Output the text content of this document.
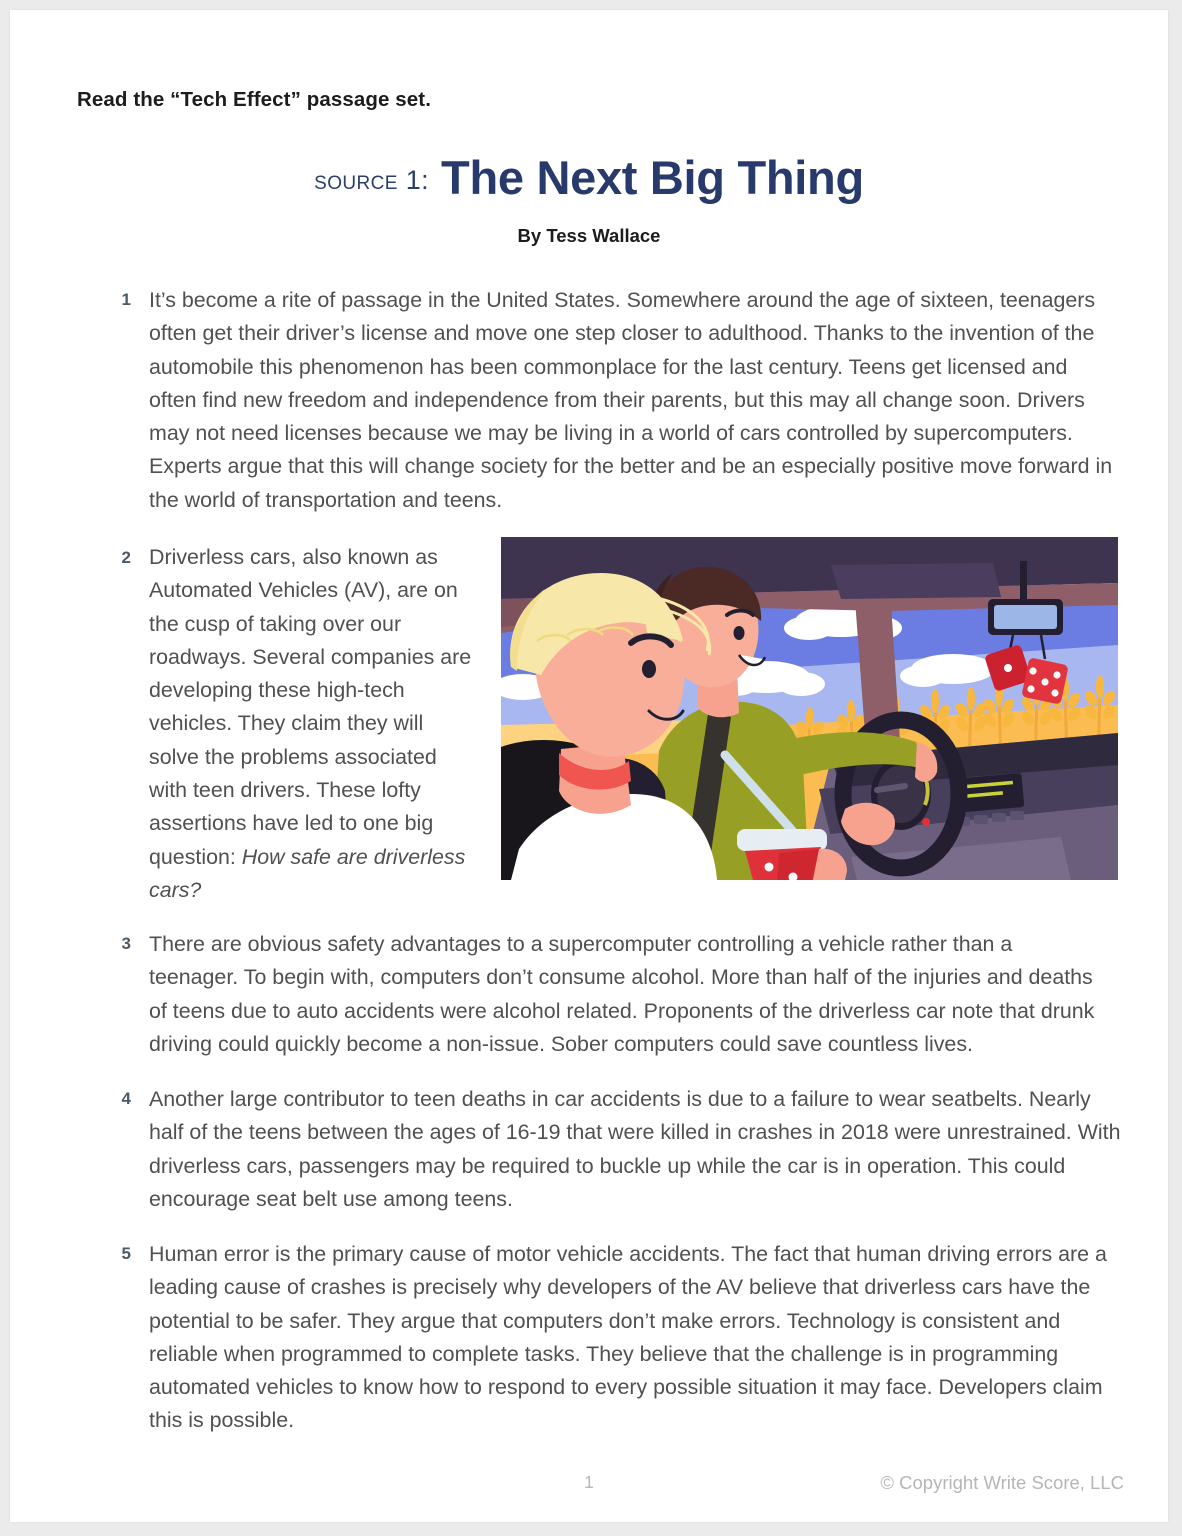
Read the “Tech Effect” passage set.
source 1: The Next Big Thing
By Tess Wallace
1 It’s become a rite of passage in the United States. Somewhere around the age of sixteen, teenagers often get their driver’s license and move one step closer to adulthood. Thanks to the invention of the automobile this phenomenon has been commonplace for the last century. Teens get licensed and often find new freedom and independence from their parents, but this may all change soon. Drivers may not need licenses because we may be living in a world of cars controlled by supercomputers. Experts argue that this will change society for the better and be an especially positive move forward in the world of transportation and teens.
2 Driverless cars, also known as Automated Vehicles (AV), are on the cusp of taking over our roadways. Several companies are developing these high-tech vehicles. They claim they will solve the problems associated with teen drivers. These lofty assertions have led to one big question: How safe are driverless cars?
3 There are obvious safety advantages to a supercomputer controlling a vehicle rather than a teenager. To begin with, computers don’t consume alcohol. More than half of the injuries and deaths of teens due to auto accidents were alcohol related. Proponents of the driverless car note that drunk driving could quickly become a non-issue. Sober computers could save countless lives.
4 Another large contributor to teen deaths in car accidents is due to a failure to wear seatbelts. Nearly half of the teens between the ages of 16-19 that were killed in crashes in 2018 were unrestrained. With driverless cars, passengers may be required to buckle up while the car is in operation. This could encourage seat belt use among teens.
5 Human error is the primary cause of motor vehicle accidents. The fact that human driving errors are a leading cause of crashes is precisely why developers of the AV believe that driverless cars have the potential to be safer. They argue that computers don’t make errors. Technology is consistent and reliable when programmed to complete tasks. They believe that the challenge is in programming automated vehicles to know how to respond to every possible situation it may face. Developers claim this is possible.
1	© Copyright Write Score, LLC
